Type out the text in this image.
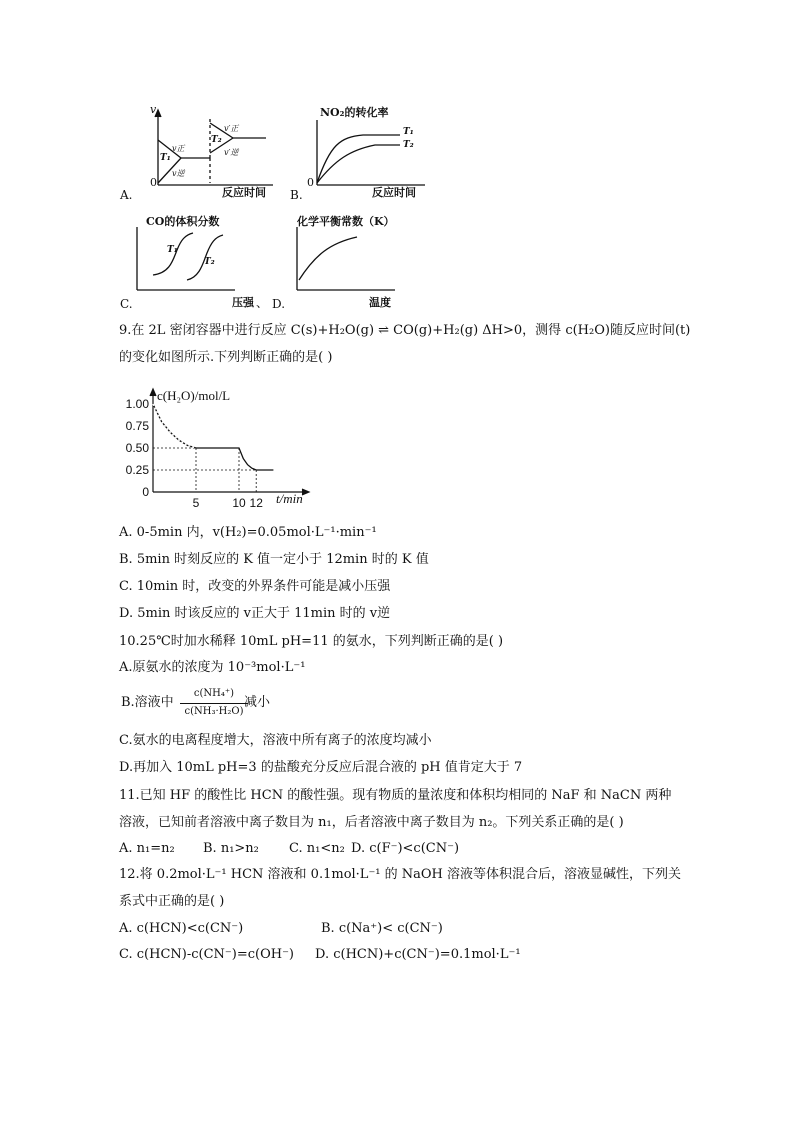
A.
v
0
T₁
T₂
v正
v逆
v′正
v′逆
反应时间 B.
NO₂的转化率
0
T₁
T₂
反应时间
C.
CO的体积分数
T₁
T₂
压强 、 D.
化学平衡常数（K）
温度
9.在 2L 密闭容器中进行反应 C(s)+H₂O(g) ⇌ CO(g)+H₂(g) ΔH>0，测得 c(H₂O)随反应时间(t)
的变化如图所示.下列判断正确的是( )
1.00
0.75
0.50
0.25
0
5	10 12
c(H₂O)/mol/L
t/min
A. 0-5min 内，v(H₂)=0.05mol·L⁻¹·min⁻¹
B. 5min 时刻反应的 K 值一定小于 12min 时的 K 值
C. 10min 时，改变的外界条件可能是减小压强
D. 5min 时该反应的 v正大于 11min 时的 v逆
10.25℃时加水稀释 10mL pH=11 的氨水，下列判断正确的是( )
A.原氨水的浓度为 10⁻³mol·L⁻¹
B.溶液中
c(NH₄⁺)
c(NH₃·H₂O)
减小
C.氨水的电离程度增大，溶液中所有离子的浓度均减小
D.再加入 10mL pH=3 的盐酸充分反应后混合液的 pH 值肯定大于 7
11.已知 HF 的酸性比 HCN 的酸性强。现有物质的量浓度和体积均相同的 NaF 和 NaCN 两种
溶液，已知前者溶液中离子数目为 n₁，后者溶液中离子数目为 n₂。下列关系正确的是( )
A. n₁=n₂ B. n₁>n₂ C. n₁<n₂ D. c(F⁻)<c(CN⁻)
12.将 0.2mol·L⁻¹ HCN 溶液和 0.1mol·L⁻¹ 的 NaOH 溶液等体积混合后，溶液显碱性，下列关
系式中正确的是( )
A. c(HCN)<c(CN⁻)	B. c(Na⁺)< c(CN⁻)
C. c(HCN)-c(CN⁻)=c(OH⁻) D. c(HCN)+c(CN⁻)=0.1mol·L⁻¹
